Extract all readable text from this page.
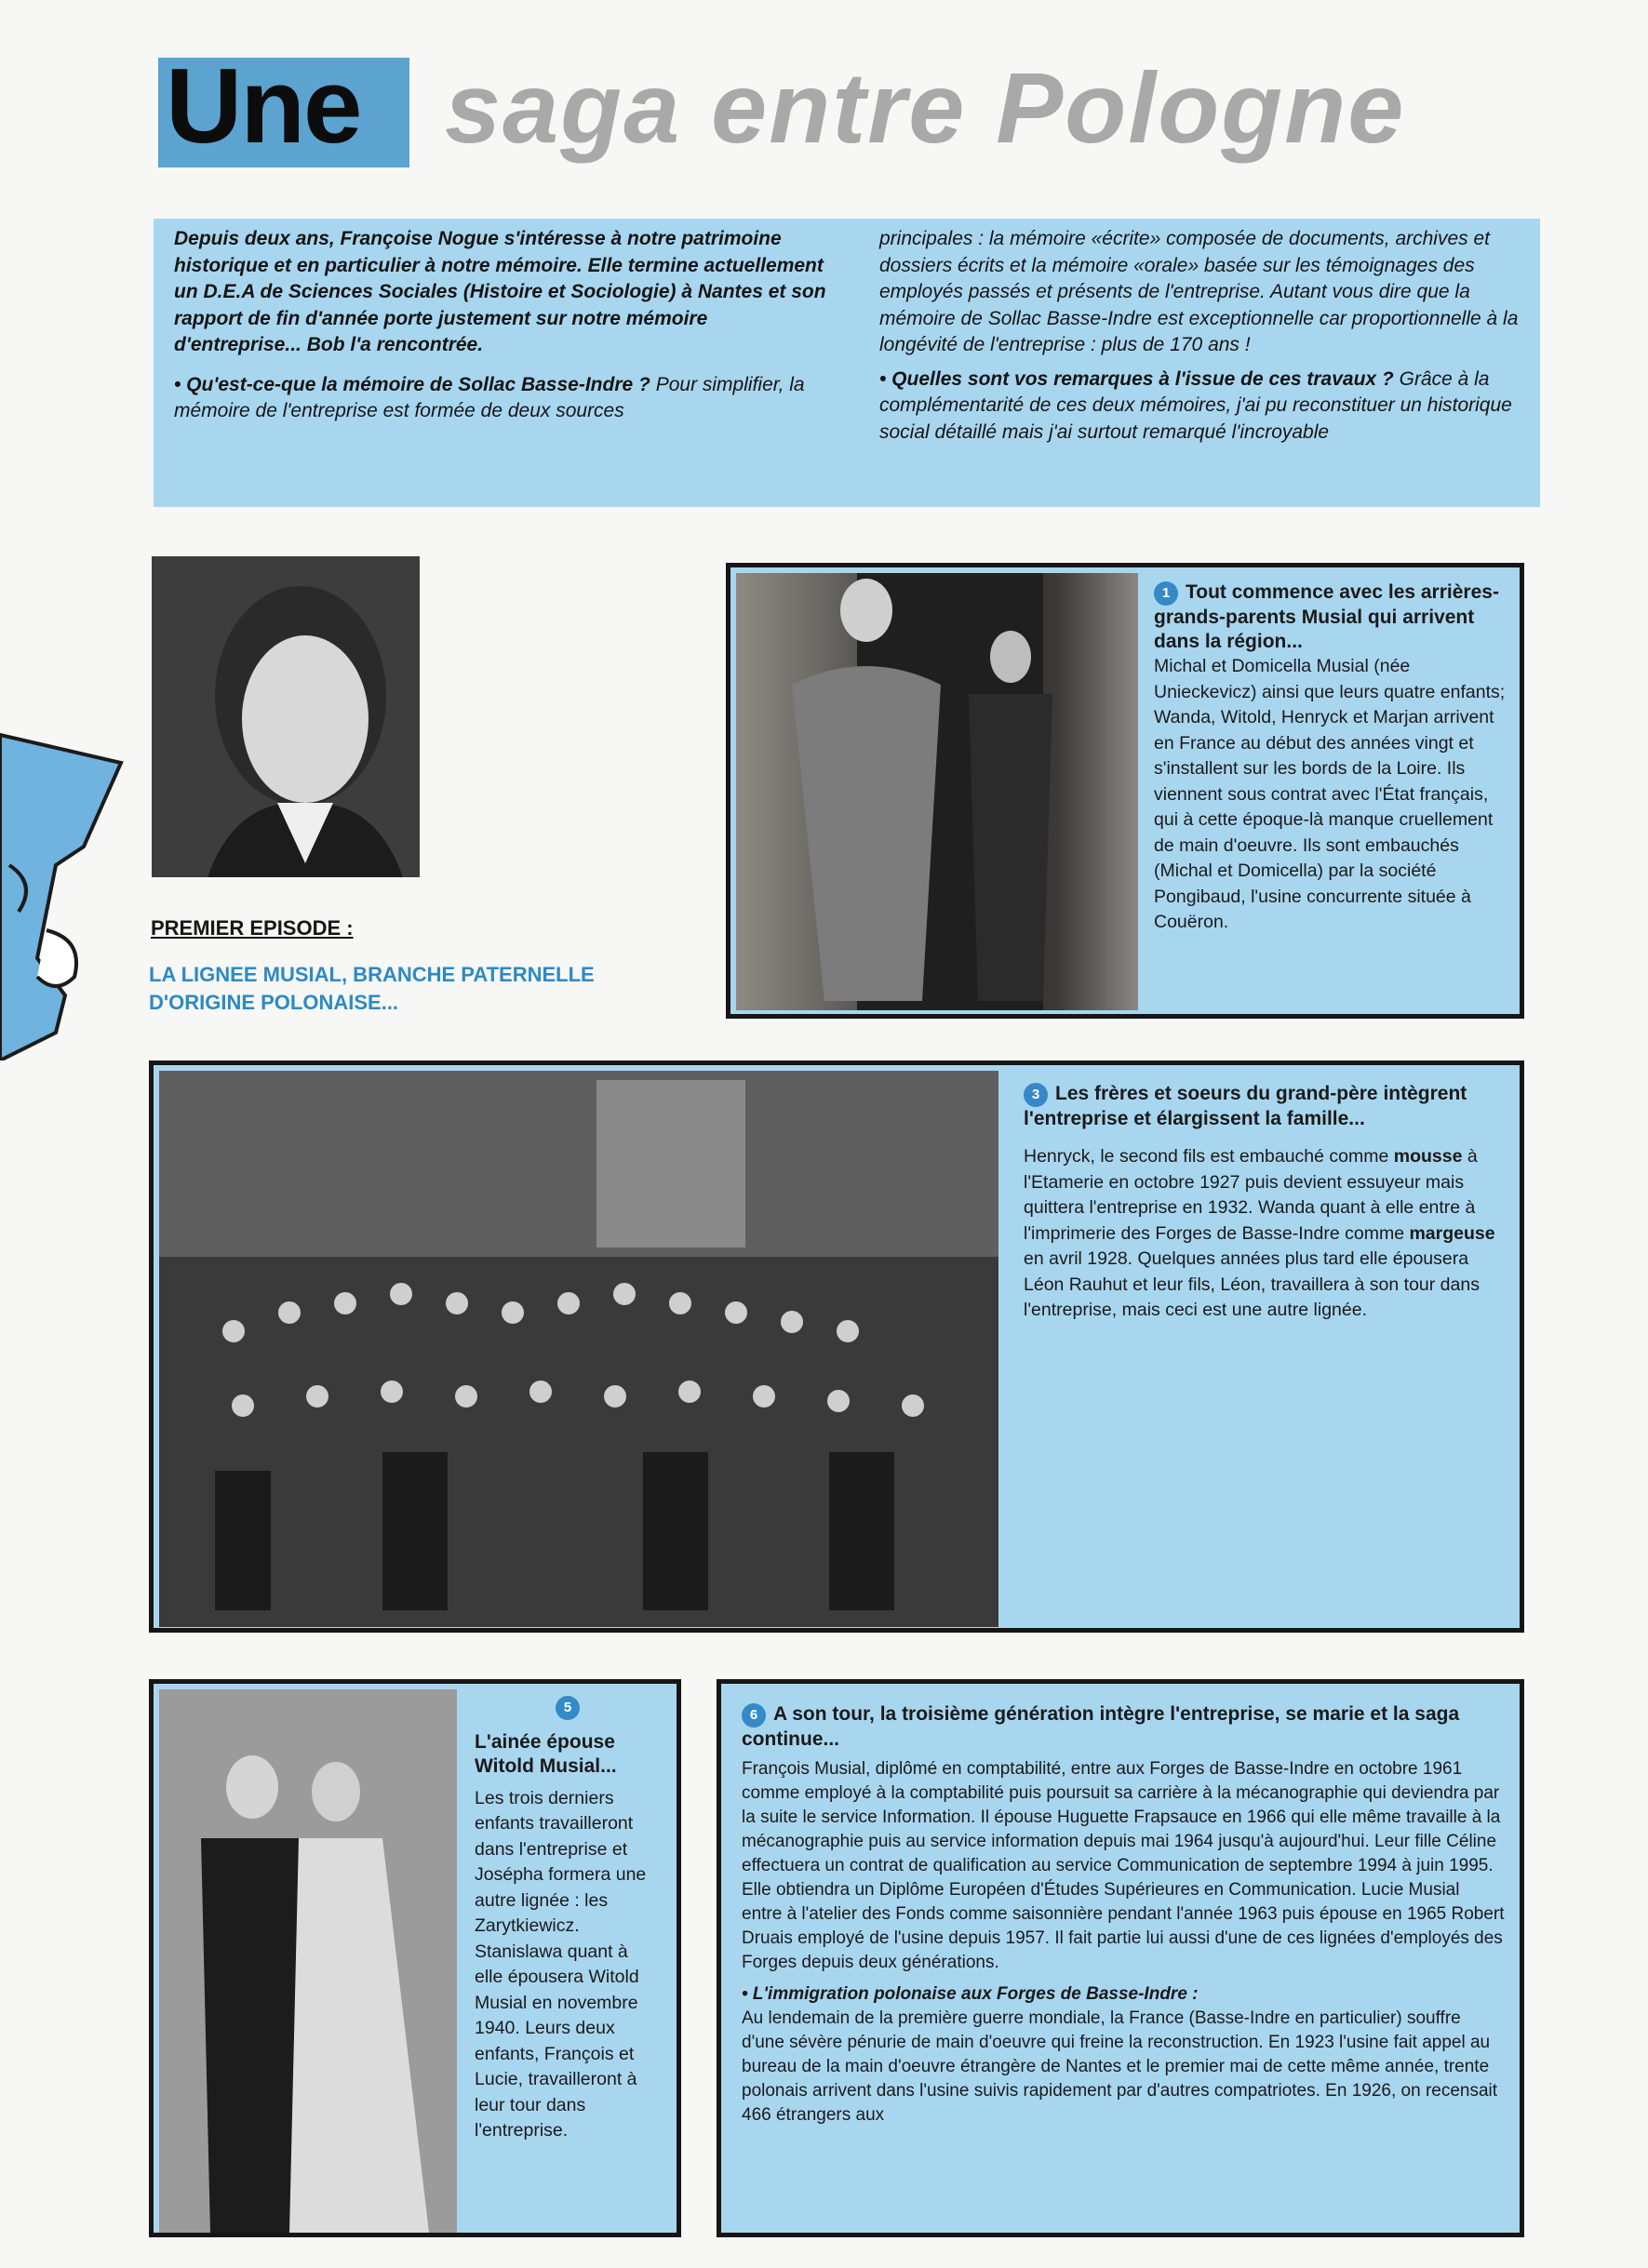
Une saga entre Pologne

Depuis deux ans, Françoise Nogue s'intéresse à notre patrimoine historique et en particulier à notre mémoire. Elle termine actuellement un D.E.A de Sciences Sociales (Histoire et Sociologie) à Nantes et son rapport de fin d'année porte justement sur notre mémoire d'entreprise... Bob l'a rencontrée.

• Qu'est-ce-que la mémoire de Sollac Basse-Indre ? Pour simplifier, la mémoire de l'entreprise est formée de deux sources

principales : la mémoire «écrite» composée de documents, archives et dossiers écrits et la mémoire «orale» basée sur les témoignages des employés passés et présents de l'entreprise. Autant vous dire que la mémoire de Sollac Basse-Indre est exceptionnelle car proportionnelle à la longévité de l'entreprise : plus de 170 ans !

• Quelles sont vos remarques à l'issue de ces travaux ? Grâce à la complémentarité de ces deux mémoires, j'ai pu reconstituer un historique social détaillé mais j'ai surtout remarqué l'incroyable

PREMIER EPISODE :
LA LIGNEE MUSIAL, BRANCHE PATERNELLE D'ORIGINE POLONAISE...
1 Tout commence avec les arrières-grands-parents Musial qui arrivent dans la région...

Michal et Domicella Musial (née Unieckevicz) ainsi que leurs quatre enfants; Wanda, Witold, Henryck et Marjan arrivent en France au début des années vingt et s'installent sur les bords de la Loire. Ils viennent sous contrat avec l'État français, qui à cette époque-là manque cruellement de main d'oeuvre. Ils sont embauchés (Michal et Domicella) par la société Pongibaud, l'usine concurrente située à Couëron.

3 Les frères et soeurs du grand-père intègrent l'entreprise et élargissent la famille...

Henryck, le second fils est embauché comme mousse à l'Etamerie en octobre 1927 puis devient essuyeur mais quittera l'entreprise en 1932. Wanda quant à elle entre à l'imprimerie des Forges de Basse-Indre comme margeuse en avril 1928. Quelques années plus tard elle épousera Léon Rauhut et leur fils, Léon, travaillera à son tour dans l'entreprise, mais ceci est une autre lignée.

5
L'ainée épouse Witold Musial...

Les trois derniers enfants travailleront dans l'entreprise et Joséphа formera une autre lignée : les Zarytkiewicz. Stanislawa quant à elle épousera Witold Musial en novembre 1940. Leurs deux enfants, François et Lucie, travailleront à leur tour dans l'entreprise.

6 A son tour, la troisième génération intègre l'entreprise, se marie et la saga continue...

François Musial, diplômé en comptabilité, entre aux Forges de Basse-Indre en octobre 1961 comme employé à la comptabilité puis poursuit sa carrière à la mécanographie qui deviendra par la suite le service Information. Il épouse Huguette Frapsauce en 1966 qui elle même travaille à la mécanographie puis au service information depuis mai 1964 jusqu'à aujourd'hui. Leur fille Céline effectuera un contrat de qualification au service Communication de septembre 1994 à juin 1995. Elle obtiendra un Diplôme Européen d'Études Supérieures en Communication. Lucie Musial entre à l'atelier des Fonds comme saisonnière pendant l'année 1963 puis épouse en 1965 Robert Druais employé de l'usine depuis 1957. Il fait partie lui aussi d'une de ces lignées d'employés des Forges depuis deux générations.

• L'immigration polonaise aux Forges de Basse-Indre :

Au lendemain de la première guerre mondiale, la France (Basse-Indre en particulier) souffre d'une sévère pénurie de main d'oeuvre qui freine la reconstruction. En 1923 l'usine fait appel au bureau de la main d'oeuvre étrangère de Nantes et le premier mai de cette même année, trente polonais arrivent dans l'usine suivis rapidement par d'autres compatriotes. En 1926, on recensait 466 étrangers aux
